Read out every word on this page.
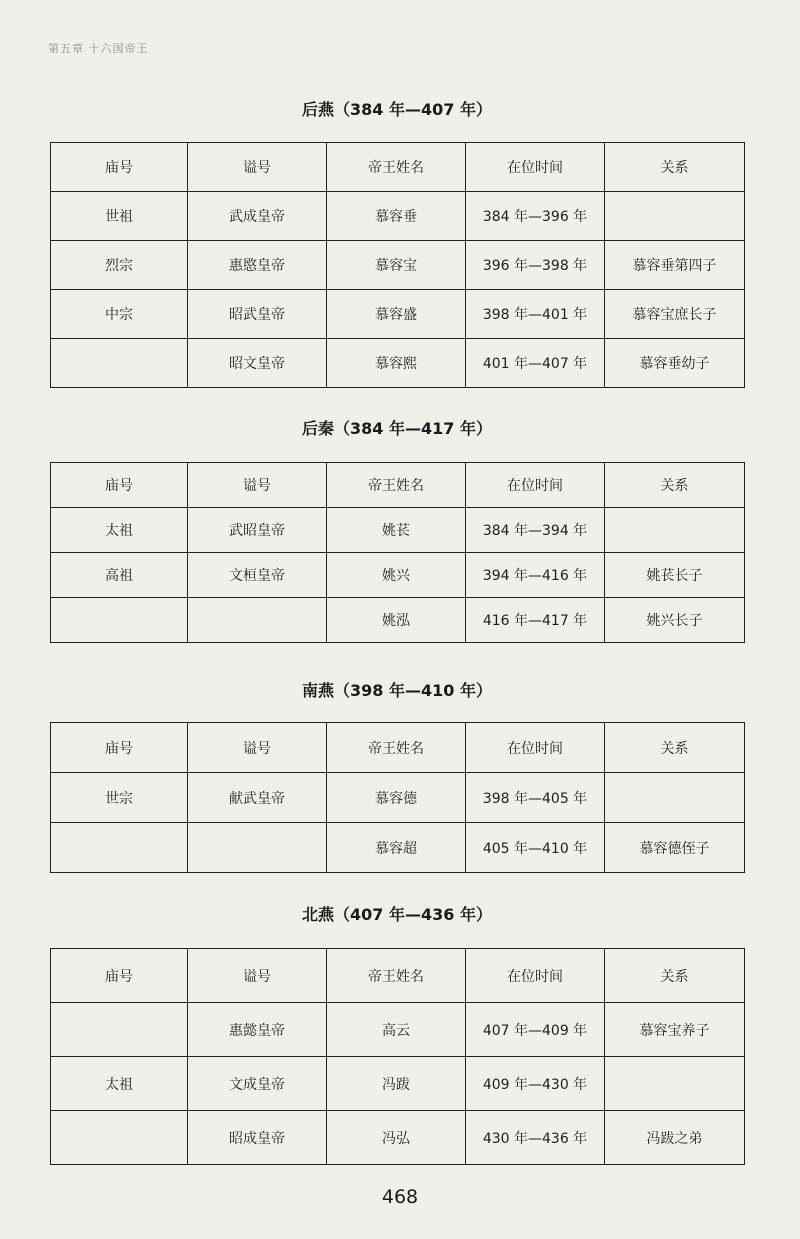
第五章 十六国帝王
后燕（384 年—407 年）
庙号	谥号	帝王姓名	在位时间	关系
世祖	武成皇帝	慕容垂	384 年—396 年	
烈宗	惠愍皇帝	慕容宝	396 年—398 年	慕容垂第四子
中宗	昭武皇帝	慕容盛	398 年—401 年	慕容宝庶长子
	昭文皇帝	慕容熙	401 年—407 年	慕容垂幼子
后秦（384 年—417 年）
庙号	谥号	帝王姓名	在位时间	关系
太祖	武昭皇帝	姚苌	384 年—394 年	
高祖	文桓皇帝	姚兴	394 年—416 年	姚苌长子
		姚泓	416 年—417 年	姚兴长子
南燕（398 年—410 年）
庙号	谥号	帝王姓名	在位时间	关系
世宗	献武皇帝	慕容德	398 年—405 年	
		慕容超	405 年—410 年	慕容德侄子
北燕（407 年—436 年）
庙号	谥号	帝王姓名	在位时间	关系
	惠懿皇帝	高云	407 年—409 年	慕容宝养子
太祖	文成皇帝	冯跋	409 年—430 年	
	昭成皇帝	冯弘	430 年—436 年	冯跋之弟
468
